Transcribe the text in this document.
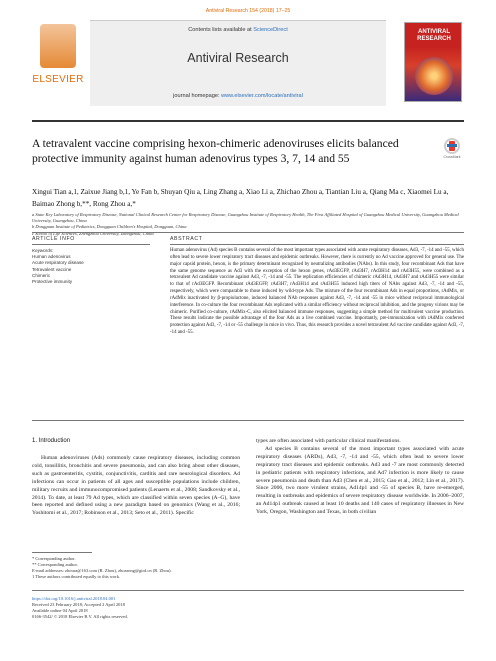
Antiviral Research 154 (2018) 17–25
ELSEVIER
Contents lists available at ScienceDirect
Antiviral Research
journal homepage: www.elsevier.com/locate/antiviral
ANTIVIRAL RESEARCH
A tetravalent vaccine comprising hexon-chimeric adenoviruses elicits balanced protective immunity against human adenovirus types 3, 7, 14 and 55	CrossMark
Xingui Tian a,1, Zaixue Jiang b,1, Ye Fan b, Shuyan Qiu a, Ling Zhang a, Xiao Li a, Zhichao Zhou a, Tiantian Liu a, Qiang Ma c, Xiaomei Lu a, Baimao Zhong b,**, Rong Zhou a,*
a State Key Laboratory of Respiratory Disease, National Clinical Research Center for Respiratory Disease, Guangzhou Institute of Respiratory Health, The First Affiliated Hospital of Guangzhou Medical University, Guangzhou Medical University, Guangzhou, China
b Dongguan Institute of Pediatrics, Dongguan Children's Hospital, Dongguan, China
c School of Life Sciences, Zhengzhou University, Zhengzhou, China
ARTICLE INFO	ABSTRACT
Keywords:
Human adenovirus
Acute respiratory disease
Tetravalent vaccine
Chimeric
Protective immunity
Human adenovirus (Ad) species B contains several of the most important types associated with acute respiratory diseases, Ad3, -7, -14 and -55, which often lead to severe lower respiratory tract diseases and epidemic outbreaks. However, there is currently no Ad vaccine approved for general use. The major capsid protein, hexon, is the primary determinant recognized by neutralizing antibodies (NAbs). In this study, four recombinant Ads that have the same genome sequence as Ad3 with the exception of the hexon genes, rAd3EGFP, rAd3H7, rAd3H14 and rAd3H55, were combined as a tetravalent Ad candidate vaccine against Ad3, -7, -14 and -55. The replication efficiencies of chimeric rAd3H14, rAd3H7 and rAd3H55 were similar to that of rAd3EGFP. Recombinant rAd3EGFP, rAd3H7, rAd3H14 and rAd3H55 induced high titers of NAbs against Ad3, -7, -14 and -55, respectively, which were comparable to those induced by wild-type Ads. The mixture of the four recombinant Ads in equal proportions, rAdMix, or rAdMix inactivated by β-propiolactone, induced balanced NAb responses against Ad3, -7, -14 and -55 in mice without reciprocal immunological interference. In co-culture the four recombinant Ads replicated with a similar efficiency without reciprocal inhibition, and the progeny virions may be chimeric. Purified co-culture, rAdMix-C, also elicited balanced immune responses, suggesting a simple method for multivalent vaccine production. These results indicate the possible advantage of the four Ads as a live combined vaccine. Importantly, pre-immunization with rAdMix conferred protection against Ad3, -7, -14 or -55 challenge in mice in vivo. Thus, this research provides a novel tetravalent Ad vaccine candidate against Ad3, -7, -14 and -55.
1. Introduction

Human adenoviruses (Ads) commonly cause respiratory diseases, including common cold, tonsillitis, bronchitis and severe pneumonia, and can also bring about other diseases, such as gastroenteritis, cystitis, conjunctivitis, carditis and rare neurological disorders. Ad infections can occur in patients of all ages and susceptible populations include children, military recruits and immunocompromised patients (Lenaerts et al., 2008; Sandkovsky et al., 2014). To date, at least 79 Ad types, which are classified within seven species (A–G), have been reported and defined using a new paradigm based on genomics (Wang et al., 2016; Yoshitomi et al., 2017; Robinson et al., 2013; Seto et al., 2011). Specific

types are often associated with particular clinical manifestations.

Ad species B contains several of the most important types associated with acute respiratory diseases (ARDs), Ad3, -7, -14 and -55, which often lead to severe lower respiratory tract diseases and epidemic outbreaks. Ad3 and -7 are most commonly detected in pediatric patients with respiratory infections, and Ad7 infection is more likely to cause severe pneumonia and death than Ad3 (Chen et al., 2015; Gao et al., 2012; Lin et al., 2017). Since 2006, two more virulent strains, Ad14p1 and -55 of species B, have re-emerged, resulting in outbreaks and epidemics of severe respiratory disease worldwide. In 2006–2007, an Ad14p1 outbreak caused at least 10 deaths and 140 cases of respiratory illnesses in New York, Oregon, Washington and Texas, in both civilian

* Corresponding author.
** Corresponding author.
E-mail addresses: zhoura@163.com (R. Zhou), zhoarong@gird.cn (R. Zhou).
1 These authors contributed equally to this work.
https://doi.org/10.1016/j.antiviral.2018.04.001
Received 23 February 2018; Accepted 2 April 2018
Available online 04 April 2018
0166-3542/ © 2018 Elsevier B.V. All rights reserved.
